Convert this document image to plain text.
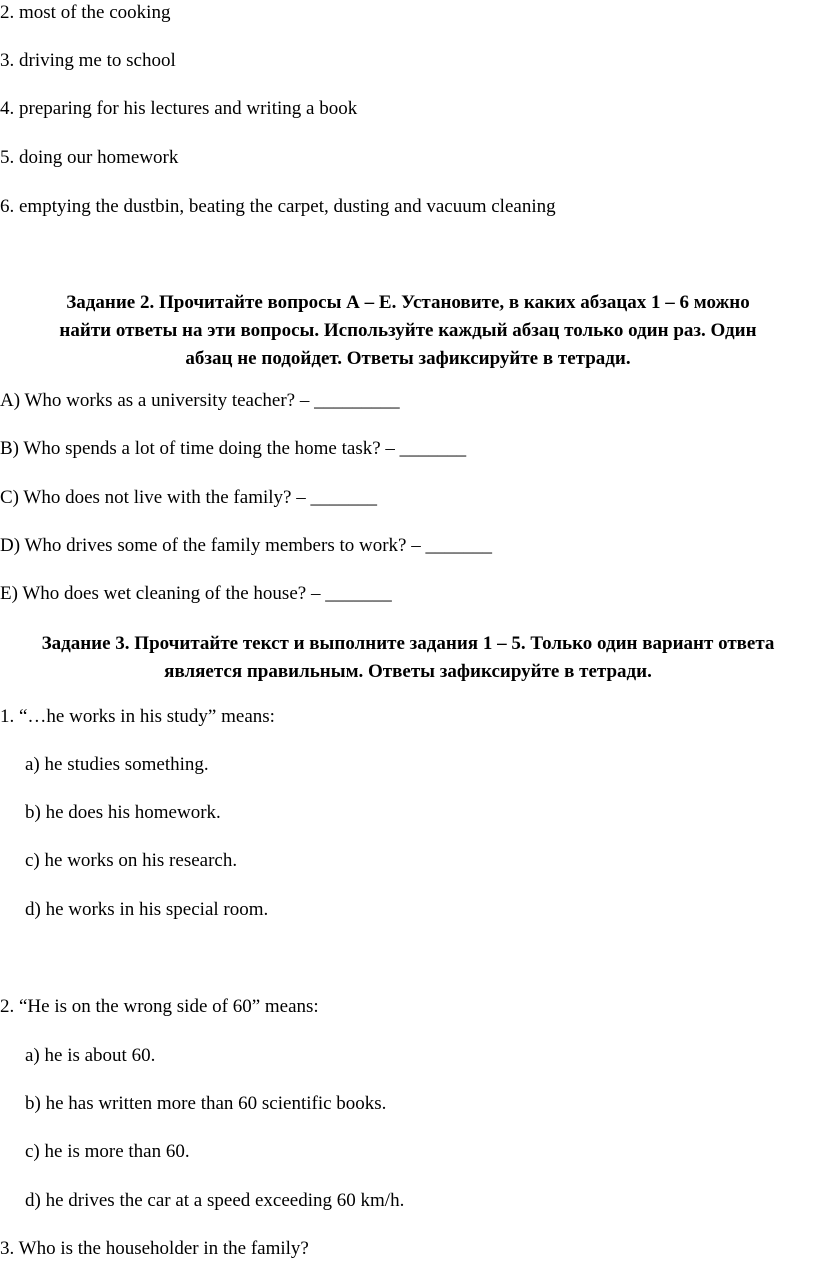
2. most of the cooking

3. driving me to school

4. preparing for his lectures and writing a book

5. doing our homework

6. emptying the dustbin, beating the carpet, dusting and vacuum cleaning

Задание 2. Прочитайте вопросы А – Е. Установите, в каких абзацах 1 – 6 можно
найти ответы на эти вопросы. Используйте каждый абзац только один раз. Один
абзац не подойдет. Ответы зафиксируйте в тетради.

A) Who works as a university teacher? – _________

B) Who spends a lot of time doing the home task? – _______

C) Who does not live with the family? – _______

D) Who drives some of the family members to work? – _______

E) Who does wet cleaning of the house? – _______

Задание 3. Прочитайте текст и выполните задания 1 – 5. Только один вариант ответа
является правильным. Ответы зафиксируйте в тетради.

1. “…he works in his study” means:

a) he studies something.

b) he does his homework.

c) he works on his research.

d) he works in his special room.

2. “He is on the wrong side of 60” means:

a) he is about 60.

b) he has written more than 60 scientific books.

c) he is more than 60.

d) he drives the car at a speed exceeding 60 km/h.

3. Who is the householder in the family?
